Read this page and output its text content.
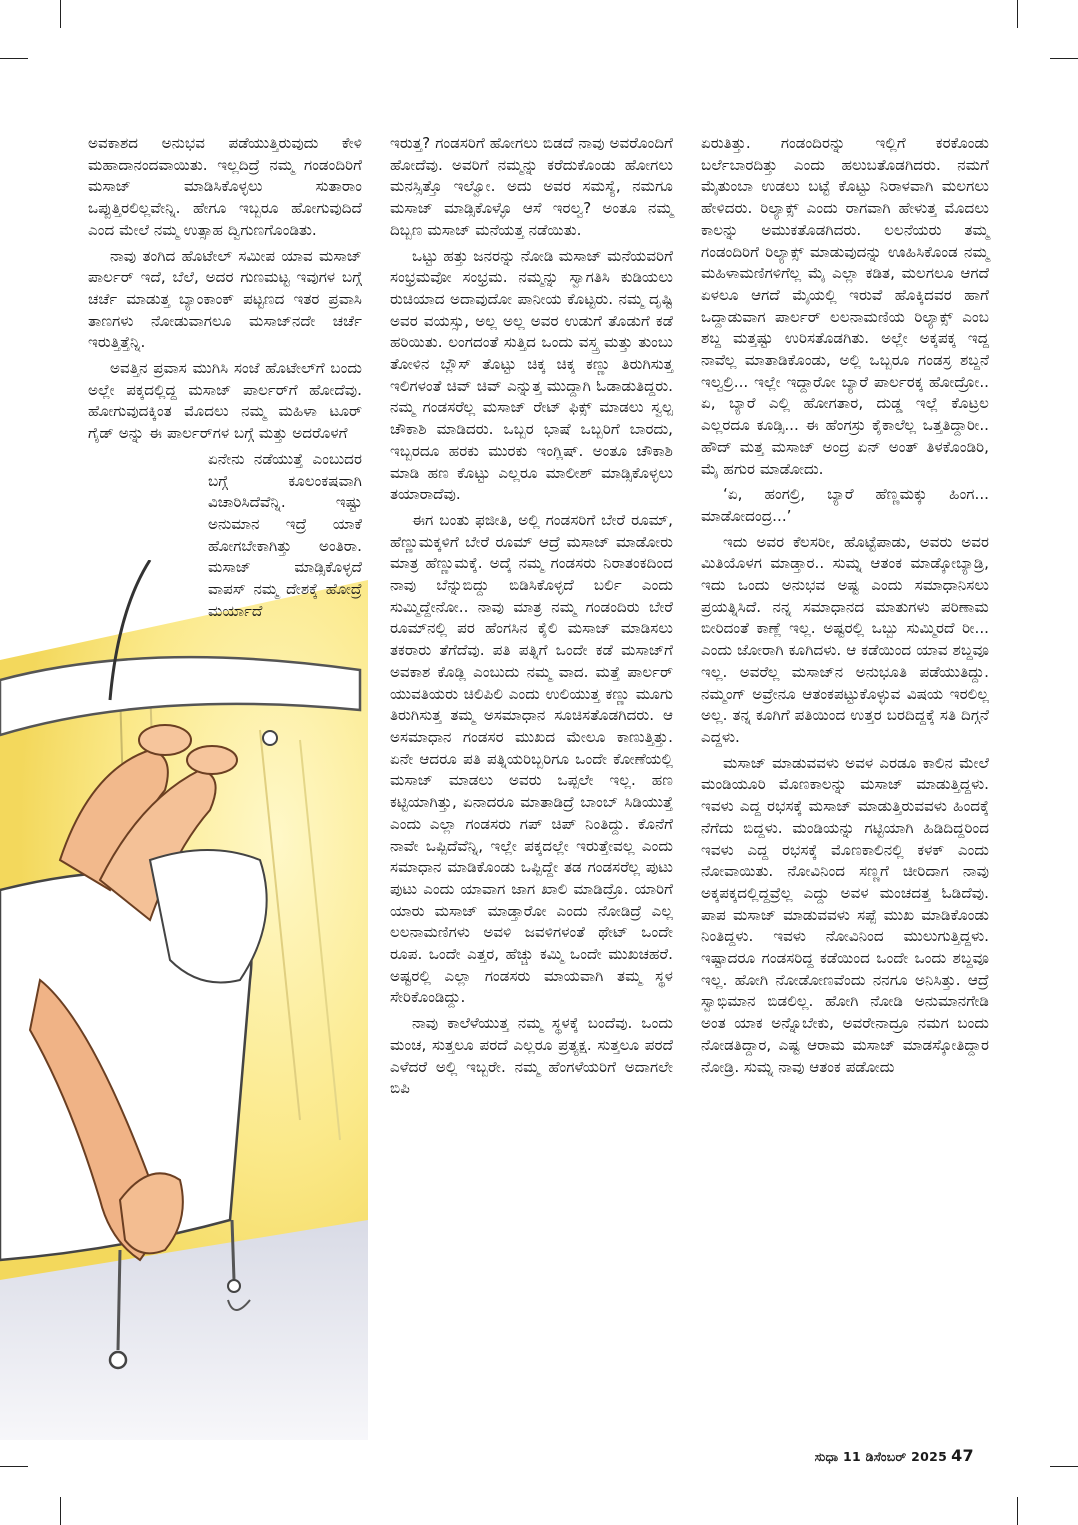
ಅವಕಾಶದ ಅನುಭವ ಪಡೆಯುತ್ತಿರುವುದು ಕೇಳಿ ಮಹಾದಾನಂದವಾಯಿತು. ಇಲ್ಲದಿದ್ರೆ ನಮ್ಮ ಗಂಡಂದಿರಿಗೆ ಮಸಾಜ್ ಮಾಡಿಸಿಕೊಳ್ಳಲು ಸುತಾರಾಂ ಒಪ್ಪುತ್ತಿರಲಿಲ್ಲವೇನ್ನಿ. ಹೇಗೂ ಇಬ್ಬರೂ ಹೋಗುವುದಿದೆ ಎಂದ ಮೇಲೆ ನಮ್ಮ ಉತ್ಸಾಹ ದ್ವಿಗುಣಗೊಂಡಿತು.

ನಾವು ತಂಗಿದ ಹೊಟೇಲ್ ಸಮೀಪ ಯಾವ ಮಸಾಜ್ ಪಾರ್ಲರ್ ಇದೆ, ಬೆಲೆ, ಅದರ ಗುಣಮಟ್ಟ ಇವುಗಳ ಬಗ್ಗೆ ಚರ್ಚೆ ಮಾಡುತ್ತ ಬ್ಯಾಂಕಾಂಕ್ ಪಟ್ಟಣದ ಇತರ ಪ್ರವಾಸಿ ತಾಣಗಳು ನೋಡುವಾಗಲೂ ಮಸಾಜ್‌ನದೇ ಚರ್ಚೆ ಇರುತ್ತಿತ್ತೆನ್ನಿ.

ಅವತ್ತಿನ ಪ್ರವಾಸ ಮುಗಿಸಿ ಸಂಜೆ ಹೊಟೇಲ್‌ಗೆ ಬಂದು ಅಲ್ಲೇ ಪಕ್ಕದಲ್ಲಿದ್ದ ಮಸಾಜ್ ಪಾರ್ಲರ್‌ಗೆ ಹೋದೆವು. ಹೋಗುವುದಕ್ಕಿಂತ ಮೊದಲು ನಮ್ಮ ಮಹಿಳಾ ಟೂರ್ ಗೈಡ್ ಅನ್ನು ಈ ಪಾರ್ಲರ್‌ಗಳ ಬಗ್ಗೆ ಮತ್ತು ಅದರೊಳಗೆ

ಏನೇನು ನಡೆಯುತ್ತೆ ಎಂಬುದರ ಬಗ್ಗೆ ಕೂಲಂಕಷವಾಗಿ ವಿಚಾರಿಸಿದೆವೆನ್ನಿ. ಇಷ್ಟು ಅನುಮಾನ ಇದ್ರೆ ಯಾಕೆ ಹೋಗಬೇಕಾಗಿತ್ತು ಅಂತಿರಾ. ಮಸಾಜ್ ಮಾಡ್ಸಿಕೊಳ್ಳದೆ ವಾಪಸ್ ನಮ್ಮ ದೇಶಕ್ಕೆ ಹೋದ್ರೆ ಮರ್ಯಾದೆ

ಇರುತ್ತ? ಗಂಡಸರಿಗೆ ಹೋಗಲು ಬಿಡದೆ ನಾವು ಅವರೊಂದಿಗೆ ಹೋದೆವು. ಅವರಿಗೆ ನಮ್ಮನ್ನು ಕರೆದುಕೊಂಡು ಹೋಗಲು ಮನಸ್ಸಿತ್ತೊ ಇಲ್ವೋ. ಅದು ಅವರ ಸಮಸ್ಯೆ, ನಮಗೂ ಮಸಾಜ್ ಮಾಡ್ಸಿಕೊಳ್ಳೊ ಆಸೆ ಇರಲ್ವ? ಅಂತೂ ನಮ್ಮ ದಿಬ್ಬಣ ಮಸಾಜ್ ಮನೆಯತ್ತ ನಡೆಯಿತು.

ಒಟ್ಟು ಹತ್ತು ಜನರನ್ನು ನೋಡಿ ಮಸಾಜ್ ಮನೆಯವರಿಗೆ ಸಂಭ್ರಮವೋ ಸಂಭ್ರಮ. ನಮ್ಮನ್ನು ಸ್ವಾಗತಿಸಿ ಕುಡಿಯಲು ರುಚಿಯಾದ ಅದಾವುದೋ ಪಾನೀಯ ಕೊಟ್ಟರು. ನಮ್ಮ ದೃಷ್ಟಿ ಅವರ ವಯಸ್ಸು, ಅಲ್ಲ ಅಲ್ಲ ಅವರ ಉಡುಗೆ ತೊಡುಗೆ ಕಡೆ ಹರಿಯಿತು. ಲಂಗದಂತೆ ಸುತ್ತಿದ ಒಂದು ವಸ್ತ್ರ ಮತ್ತು ತುಂಬು ತೋಳಿನ ಬ್ಲೌಸ್ ತೊಟ್ಟು ಚಿಕ್ಕ ಚಿಕ್ಕ ಕಣ್ಣು ತಿರುಗಿಸುತ್ತ ಇಲಿಗಳಂತೆ ಚಿವ್ ಚಿವ್ ಎನ್ನುತ್ತ ಮುದ್ದಾಗಿ ಓಡಾಡುತಿದ್ದರು. ನಮ್ಮ ಗಂಡಸರೆಲ್ಲ ಮಸಾಜ್ ರೇಟ್ ಫಿಕ್ಸ್ ಮಾಡಲು ಸ್ವಲ್ಪ ಚೌಕಾಶಿ ಮಾಡಿದರು. ಒಬ್ಬರ ಭಾಷೆ ಒಬ್ಬರಿಗೆ ಬಾರದು, ಇಬ್ಬರದೂ ಹರಕು ಮುರಕು ಇಂಗ್ಲಿಷ್. ಅಂತೂ ಚೌಕಾಶಿ ಮಾಡಿ ಹಣ ಕೊಟ್ಟು ಎಲ್ಲರೂ ಮಾಲೀಶ್ ಮಾಡ್ಸಿಕೊಳ್ಳಲು ತಯಾರಾದೆವು.

ಈಗ ಬಂತು ಫಜೀತಿ, ಅಲ್ಲಿ ಗಂಡಸರಿಗೆ ಬೇರೆ ರೂಮ್, ಹೆಣ್ಣುಮಕ್ಕಳಿಗೆ ಬೇರೆ ರೂಮ್ ಆದ್ರೆ ಮಸಾಜ್ ಮಾಡೋರು ಮಾತ್ರ ಹೆಣ್ಣುಮಕ್ಕೆ. ಅದ್ಕೆ ನಮ್ಮ ಗಂಡಸರು ನಿರಾತಂಕದಿಂದ ನಾವು ಬೆನ್ನುಬಿದ್ದು ಬಿಡಿಸಿಕೊಳ್ಳದೆ ಬರ್ಲಿ ಎಂದು ಸುಮ್ಮಿದ್ದೇನೋ.. ನಾವು ಮಾತ್ರ ನಮ್ಮ ಗಂಡಂದಿರು ಬೇರೆ ರೂಮ್‌ನಲ್ಲಿ ಪರ ಹೆಂಗಸಿನ ಕೈಲಿ ಮಸಾಜ್ ಮಾಡಿಸಲು ತಕರಾರು ತೆಗೆದೆವು. ಪತಿ ಪತ್ನಿಗೆ ಒಂದೇ ಕಡೆ ಮಸಾಜ್‌ಗೆ ಅವಕಾಶ ಕೊಡ್ಲಿ ಎಂಬುದು ನಮ್ಮ ವಾದ. ಮತ್ತೆ ಪಾರ್ಲರ್ ಯುವತಿಯರು ಚಿಲಿಪಿಲಿ ಎಂದು ಉಲಿಯುತ್ತ ಕಣ್ಣು ಮೂಗು ತಿರುಗಿಸುತ್ತ ತಮ್ಮ ಅಸಮಾಧಾನ ಸೂಚಿಸತೊಡಗಿದರು. ಆ ಅಸಮಾಧಾನ ಗಂಡಸರ ಮುಖದ ಮೇಲೂ ಕಾಣುತ್ತಿತ್ತು. ಏನೇ ಆದರೂ ಪತಿ ಪತ್ನಿಯರಿಬ್ಬರಿಗೂ ಒಂದೇ ಕೋಣೆಯಲ್ಲಿ ಮಸಾಜ್ ಮಾಡಲು ಅವರು ಒಪ್ಪಲೇ ಇಲ್ಲ. ಹಣ ಕಟ್ಟಿಯಾಗಿತ್ತು, ಏನಾದರೂ ಮಾತಾಡಿದ್ರೆ ಬಾಂಬ್ ಸಿಡಿಯುತ್ತೆ ಎಂದು ಎಲ್ಲಾ ಗಂಡಸರು ಗಪ್ ಚಿಪ್ ನಿಂತಿದ್ದು. ಕೊನೆಗೆ ನಾವೇ ಒಪ್ಪಿದೆವೆನ್ನಿ, ಇಲ್ಲೇ ಪಕ್ಕದಲ್ಲೇ ಇರುತ್ತೇವಲ್ಲ ಎಂದು ಸಮಾಧಾನ ಮಾಡಿಕೊಂಡು ಒಪ್ಪಿದ್ದೇ ತಡ ಗಂಡಸರೆಲ್ಲ ಪುಟು ಪುಟು ಎಂದು ಯಾವಾಗ ಜಾಗ ಖಾಲಿ ಮಾಡಿದ್ರೊ. ಯಾರಿಗೆ ಯಾರು ಮಸಾಜ್ ಮಾಡ್ತಾರೋ ಎಂದು ನೋಡಿದ್ರೆ ಎಲ್ಲ ಲಲನಾಮಣಿಗಳು ಅವಳಿ ಜವಳಿಗಳಂತೆ ಥೇಟ್ ಒಂದೇ ರೂಪ. ಒಂದೇ ಎತ್ತರ, ಹೆಚ್ಚು ಕಮ್ಮಿ ಒಂದೇ ಮುಖಚಹರೆ. ಅಷ್ಟರಲ್ಲಿ ಎಲ್ಲಾ ಗಂಡಸರು ಮಾಯವಾಗಿ ತಮ್ಮ ಸ್ಥಳ ಸೇರಿಕೊಂಡಿದ್ದು.

ನಾವು ಕಾಲೆಳೆಯುತ್ತ ನಮ್ಮ ಸ್ಥಳಕ್ಕೆ ಬಂದೆವು. ಒಂದು ಮಂಚ, ಸುತ್ತಲೂ ಪರದೆ ಎಲ್ಲರೂ ಪ್ರತ್ಯಕ್ಷ. ಸುತ್ತಲೂ ಪರದೆ ಎಳೆದರೆ ಅಲ್ಲಿ ಇಬ್ಬರೇ. ನಮ್ಮ ಹೆಂಗಳೆಯರಿಗೆ ಅದಾಗಲೇ ಬಿಪಿ

ಏರುತಿತ್ತು. ಗಂಡಂದಿರನ್ನು ಇಲ್ಲಿಗೆ ಕರಕೊಂಡು ಬರ್ಲೆಬಾರದಿತ್ತು ಎಂದು ಹಲುಬತೊಡಗಿದರು. ನಮಗೆ ಮೈತುಂಬಾ ಉಡಲು ಬಟ್ಟೆ ಕೊಟ್ಟು ನಿರಾಳವಾಗಿ ಮಲಗಲು ಹೇಳಿದರು. ರಿಲ್ಯಾಕ್ಸ್ ಎಂದು ರಾಗವಾಗಿ ಹೇಳುತ್ತ ಮೊದಲು ಕಾಲನ್ನು ಅಮುಕತೊಡಗಿದರು. ಲಲನೆಯರು ತಮ್ಮ ಗಂಡಂದಿರಿಗೆ ರಿಲ್ಯಾಕ್ಸ್ ಮಾಡುವುದನ್ನು ಊಹಿಸಿಕೊಂಡ ನಮ್ಮ ಮಹಿಳಾಮಣಿಗಳಿಗೆಲ್ಲ ಮೈ ಎಲ್ಲಾ ಕಡಿತ, ಮಲಗಲೂ ಆಗದೆ ಏಳಲೂ ಆಗದೆ ಮೈಯಲ್ಲಿ ಇರುವೆ ಹೊಕ್ಕಿದವರ ಹಾಗೆ ಒದ್ದಾಡುವಾಗ ಪಾರ್ಲರ್ ಲಲನಾಮಣಿಯ ರಿಲ್ಯಾಕ್ಸ್ ಎಂಬ ಶಬ್ದ ಮತ್ತಷ್ಟು ಉರಿಸತೊಡಗಿತು. ಅಲ್ಲೇ ಅಕ್ಕಪಕ್ಕ ಇದ್ದ ನಾವೆಲ್ಲ ಮಾತಾಡಿಕೊಂಡು, ಅಲ್ಲಿ ಒಬ್ಬರೂ ಗಂಡಸ್ರ ಶಬ್ದನೆ ಇಲ್ವಲ್ರಿ... ಇಲ್ಲೇ ಇದ್ದಾರೋ ಬ್ಯಾರೆ ಪಾರ್ಲರಕ್ಕ ಹೋದ್ರೋ.. ಏ, ಬ್ಯಾರೆ ಎಲ್ಲಿ ಹೋಗತಾರ, ದುಡ್ಡ ಇಲ್ಲೆ ಕೊಟ್ರಲ ಎಲ್ಲರದೂ ಕೂಡ್ಸಿ... ಈ ಹೆಂಗಸ್ರು ಕೈಕಾಲೆಲ್ಲ ಒತ್ತತಿದ್ದಾರೀ.. ಹೌದ್ ಮತ್ತ ಮಸಾಜ್ ಅಂದ್ರ ಏನ್ ಅಂತ್ ತಿಳಕೊಂಡಿರಿ, ಮೈ ಹಗುರ ಮಾಡೋದು.

‘ಏ, ಹಂಗಲ್ರಿ, ಬ್ಯಾರೆ ಹೆಣ್ಣಮಕ್ಕು ಹಿಂಗ... ಮಾಡೋದಂದ್ರ...’

ಇದು ಅವರ ಕೆಲಸರೀ, ಹೊಟ್ಟೆಪಾಡು, ಅವರು ಅವರ ಮಿತಿಯೊಳಗ ಮಾಡ್ತಾರ.. ಸುಮ್ನ ಆತಂಕ ಮಾಡ್ಕೋಬ್ಯಾಡ್ರಿ, ಇದು ಒಂದು ಅನುಭವ ಅಷ್ಟ ಎಂದು ಸಮಾಧಾನಿಸಲು ಪ್ರಯತ್ನಿಸಿದೆ. ನನ್ನ ಸಮಾಧಾನದ ಮಾತುಗಳು ಪರಿಣಾಮ ಬೀರಿದಂತೆ ಕಾಣ್ಲೆ ಇಲ್ಲ. ಅಷ್ಟರಲ್ಲಿ ಒಬ್ಬು ಸುಮ್ಮಿರದೆ ರೀ... ಎಂದು ಜೋರಾಗಿ ಕೂಗಿದಳು. ಆ ಕಡೆಯಿಂದ ಯಾವ ಶಬ್ದವೂ ಇಲ್ಲ. ಅವರೆಲ್ಲ ಮಸಾಜ್‌ನ ಅನುಭೂತಿ ಪಡೆಯುತಿದ್ದು. ನಮ್ಮಂಗ್ ಅವ್ರೇನೂ ಆತಂಕಪಟ್ಟುಕೊಳ್ಳುವ ವಿಷಯ ಇರಲಿಲ್ಲ ಅಲ್ಲ. ತನ್ನ ಕೂಗಿಗೆ ಪತಿಯಿಂದ ಉತ್ತರ ಬರದಿದ್ದಕ್ಕೆ ಸತಿ ದಿಗ್ಗನೆ ಎದ್ದಳು.

ಮಸಾಜ್ ಮಾಡುವವಳು ಅವಳ ಎರಡೂ ಕಾಲಿನ ಮೇಲೆ ಮಂಡಿಯೂರಿ ಮೊಣಕಾಲನ್ನು ಮಸಾಜ್ ಮಾಡುತ್ತಿದ್ದಳು. ಇವಳು ಎದ್ದ ರಭಸಕ್ಕೆ ಮಸಾಜ್ ಮಾಡುತ್ತಿರುವವಳು ಹಿಂದಕ್ಕೆ ನೆಗೆದು ಬಿದ್ದಳು. ಮಂಡಿಯನ್ನು ಗಟ್ಟಿಯಾಗಿ ಹಿಡಿದಿದ್ದರಿಂದ ಇವಳು ಎದ್ದ ರಭಸಕ್ಕೆ ಮೊಣಕಾಲಿನಲ್ಲಿ ಕಳಕ್ ಎಂದು ನೋವಾಯಿತು. ನೋವಿನಿಂದ ಸಣ್ಣಗೆ ಚೀರಿದಾಗ ನಾವು ಅಕ್ಕಪಕ್ಕದಲ್ಲಿದ್ದವ್ರೆಲ್ಲ ಎದ್ದು ಅವಳ ಮಂಚದತ್ತ ಓಡಿದೆವು. ಪಾಪ ಮಸಾಜ್ ಮಾಡುವವಳು ಸಪ್ಪೆ ಮುಖ ಮಾಡಿಕೊಂಡು ನಿಂತಿದ್ದಳು. ಇವಳು ನೋವಿನಿಂದ ಮುಲುಗುತ್ತಿದ್ದಳು. ಇಷ್ಟಾದರೂ ಗಂಡಸರಿದ್ದ ಕಡೆಯಿಂದ ಒಂದೇ ಒಂದು ಶಬ್ದವೂ ಇಲ್ಲ. ಹೋಗಿ ನೋಡೋಣವೆಂದು ನನಗೂ ಅನಿಸಿತ್ತು. ಆದ್ರೆ ಸ್ವಾಭಿಮಾನ ಬಿಡಲಿಲ್ಲ. ಹೋಗಿ ನೋಡಿ ಅನುಮಾನಗೇಡಿ ಅಂತ ಯಾಕ ಅನ್ನೊಬೇಕು, ಅವರೇನಾದ್ರೂ ನಮಗ ಬಂದು ನೋಡತಿದ್ದಾರ, ಎಷ್ಟ ಆರಾಮ ಮಸಾಜ್ ಮಾಡಸ್ಕೋತಿದ್ದಾರ ನೋಡ್ರಿ. ಸುಮ್ನ ನಾವು ಆತಂಕ ಪಡೋದು

ಸುಧಾ 11 ಡಿಸೆಂಬರ್ 2025 47
